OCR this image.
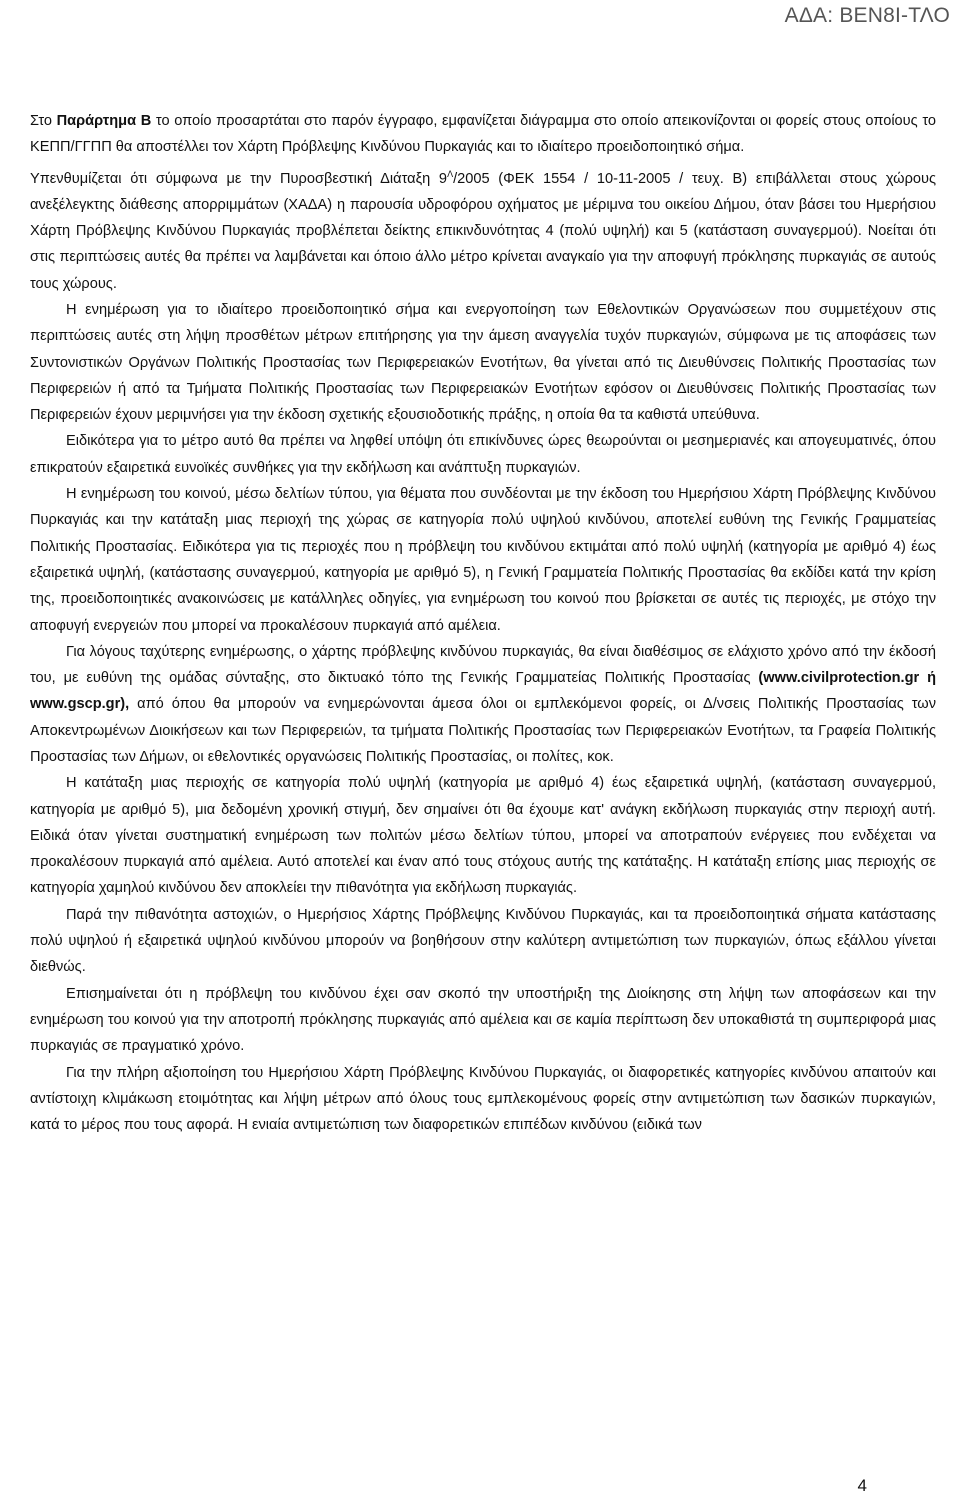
ΑΔΑ: ΒΕΝ8Ι-ΤΛΟ

Στο Παράρτημα Β το οποίο προσαρτάται στο παρόν έγγραφο, εμφανίζεται διάγραμμα στο οποίο απεικονίζονται οι φορείς στους οποίους το ΚΕΠΠ/ΓΓΠΠ θα αποστέλλει τον Χάρτη Πρόβλεψης Κινδύνου Πυρκαγιάς και το ιδιαίτερο προειδοποιητικό σήμα.

Υπενθυμίζεται ότι σύμφωνα με την Πυροσβεστική Διάταξη $9^\Lambda/2005$ (ΦΕΚ 1554 / 10-11-2005 / τευχ. Β) επιβάλλεται στους χώρους ανεξέλεγκτης διάθεσης απορριμμάτων (ΧΑΔΑ) η παρουσία υδροφόρου οχήματος με μέριμνα του οικείου Δήμου, όταν βάσει του Ημερήσιου Χάρτη Πρόβλεψης Κινδύνου Πυρκαγιάς προβλέπεται δείκτης επικινδυνότητας 4 (πολύ υψηλή) και 5 (κατάσταση συναγερμού). Νοείται ότι στις περιπτώσεις αυτές θα πρέπει να λαμβάνεται και όποιο άλλο μέτρο κρίνεται αναγκαίο για την αποφυγή πρόκλησης πυρκαγιάς σε αυτούς τους χώρους.

Η ενημέρωση για το ιδιαίτερο προειδοποιητικό σήμα και ενεργοποίηση των Εθελοντικών Οργανώσεων που συμμετέχουν στις περιπτώσεις αυτές στη λήψη προσθέτων μέτρων επιτήρησης για την άμεση αναγγελία τυχόν πυρκαγιών, σύμφωνα με τις αποφάσεις των Συντονιστικών Οργάνων Πολιτικής Προστασίας των Περιφερειακών Ενοτήτων, θα γίνεται από τις Διευθύνσεις Πολιτικής Προστασίας των Περιφερειών ή από τα Τμήματα Πολιτικής Προστασίας των Περιφερειακών Ενοτήτων εφόσον οι Διευθύνσεις Πολιτικής Προστασίας των Περιφερειών έχουν μεριμνήσει για την έκδοση σχετικής εξουσιοδοτικής πράξης, η οποία θα τα καθιστά υπεύθυνα.

Ειδικότερα για το μέτρο αυτό θα πρέπει να ληφθεί υπόψη ότι επικίνδυνες ώρες θεωρούνται οι μεσημεριανές και απογευματινές, όπου επικρατούν εξαιρετικά ευνοϊκές συνθήκες για την εκδήλωση και ανάπτυξη πυρκαγιών.

Η ενημέρωση του κοινού, μέσω δελτίων τύπου, για θέματα που συνδέονται με την έκδοση του Ημερήσιου Χάρτη Πρόβλεψης Κινδύνου Πυρκαγιάς και την κατάταξη μιας περιοχή της χώρας σε κατηγορία πολύ υψηλού κινδύνου, αποτελεί ευθύνη της Γενικής Γραμματείας Πολιτικής Προστασίας. Ειδικότερα για τις περιοχές που η πρόβλεψη του κινδύνου εκτιμάται από πολύ υψηλή (κατηγορία με αριθμό 4) έως εξαιρετικά υψηλή, (κατάστασης συναγερμού, κατηγορία με αριθμό 5), η Γενική Γραμματεία Πολιτικής Προστασίας θα εκδίδει κατά την κρίση της, προειδοποιητικές ανακοινώσεις με κατάλληλες οδηγίες, για ενημέρωση του κοινού που βρίσκεται σε αυτές τις περιοχές, με στόχο την αποφυγή ενεργειών που μπορεί να προκαλέσουν πυρκαγιά από αμέλεια.

Για λόγους ταχύτερης ενημέρωσης, ο χάρτης πρόβλεψης κινδύνου πυρκαγιάς, θα είναι διαθέσιμος σε ελάχιστο χρόνο από την έκδοσή του, με ευθύνη της ομάδας σύνταξης, στο δικτυακό τόπο της Γενικής Γραμματείας Πολιτικής Προστασίας (www.civilprotection.gr ή www.gscp.gr), από όπου θα μπορούν να ενημερώνονται άμεσα όλοι οι εμπλεκόμενοι φορείς, οι Δ/νσεις Πολιτικής Προστασίας των Αποκεντρωμένων Διοικήσεων και των Περιφερειών, τα τμήματα Πολιτικής Προστασίας των Περιφερειακών Ενοτήτων, τα Γραφεία Πολιτικής Προστασίας των Δήμων, οι εθελοντικές οργανώσεις Πολιτικής Προστασίας, οι πολίτες, κοκ.

Η κατάταξη μιας περιοχής σε κατηγορία πολύ υψηλή (κατηγορία με αριθμό 4) έως εξαιρετικά υψηλή, (κατάσταση συναγερμού, κατηγορία με αριθμό 5), μια δεδομένη χρονική στιγμή, δεν σημαίνει ότι θα έχουμε κατ' ανάγκη εκδήλωση πυρκαγιάς στην περιοχή αυτή. Ειδικά όταν γίνεται συστηματική ενημέρωση των πολιτών μέσω δελτίων τύπου, μπορεί να αποτραπούν ενέργειες που ενδέχεται να προκαλέσουν πυρκαγιά από αμέλεια. Αυτό αποτελεί και έναν από τους στόχους αυτής της κατάταξης. Η κατάταξη επίσης μιας περιοχής σε κατηγορία χαμηλού κινδύνου δεν αποκλείει την πιθανότητα για εκδήλωση πυρκαγιάς.

Παρά την πιθανότητα αστοχιών, ο Ημερήσιος Χάρτης Πρόβλεψης Κινδύνου Πυρκαγιάς, και τα προειδοποιητικά σήματα κατάστασης πολύ υψηλού ή εξαιρετικά υψηλού κινδύνου μπορούν να βοηθήσουν στην καλύτερη αντιμετώπιση των πυρκαγιών, όπως εξάλλου γίνεται διεθνώς.

Επισημαίνεται ότι η πρόβλεψη του κινδύνου έχει σαν σκοπό την υποστήριξη της Διοίκησης στη λήψη των αποφάσεων και την ενημέρωση του κοινού για την αποτροπή πρόκλησης πυρκαγιάς από αμέλεια και σε καμία περίπτωση δεν υποκαθιστά τη συμπεριφορά μιας πυρκαγιάς σε πραγματικό χρόνο.

Για την πλήρη αξιοποίηση του Ημερήσιου Χάρτη Πρόβλεψης Κινδύνου Πυρκαγιάς, οι διαφορετικές κατηγορίες κινδύνου απαιτούν και αντίστοιχη κλιμάκωση ετοιμότητας και λήψη μέτρων από όλους τους εμπλεκομένους φορείς στην αντιμετώπιση των δασικών πυρκαγιών, κατά το μέρος που τους αφορά. Η ενιαία αντιμετώπιση των διαφορετικών επιπέδων κινδύνου (ειδικά των

4
